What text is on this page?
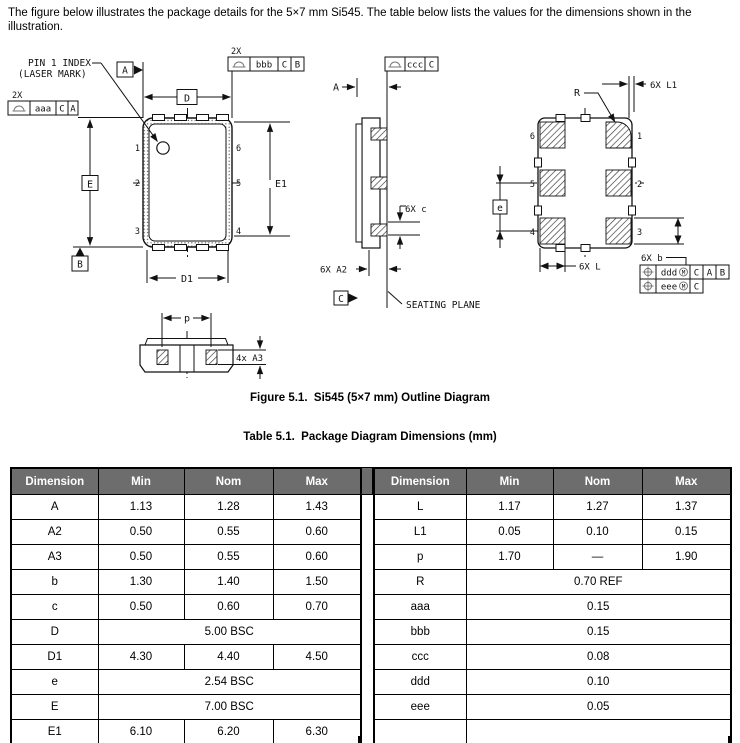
The figure below illustrates the package details for the 5×7 mm Si545. The table below lists the values for the dimensions shown in the illustration.
D
E	E1
D1
A
B
PIN 1 INDEX
(LASER MARK)
1
2
3	4
5
6
2X
aaa C A
2X
bbb C B	ccc C
A
6X c
6X A2
C
SEATING PLANE
6
5
4
1
2
3
R
6X L1
e
6X L
6X b
ddd M C A B
eee M C
p
4x A3
Figure 5.1.  Si545 (5×7 mm) Outline Diagram
Table 5.1.  Package Diagram Dimensions (mm)
Dimension	Min	Nom	Max
A	1.13	1.28	1.43
A2	0.50	0.55	0.60
A3	0.50	0.55	0.60
b	1.30	1.40	1.50
c	0.50	0.60	0.70
D	5.00 BSC		
D1	4.30	4.40	4.50
e	2.54 BSC		
E	7.00 BSC		
E1	6.10	6.20	6.30
Dimension	Min	Nom	Max
L	1.17	1.27	1.37
L1	0.05	0.10	0.15
p	1.70	—	1.90
R	0.70 REF		
aaa	0.15		
bbb	0.15		
ccc	0.08		
ddd	0.10		
eee	0.05		
